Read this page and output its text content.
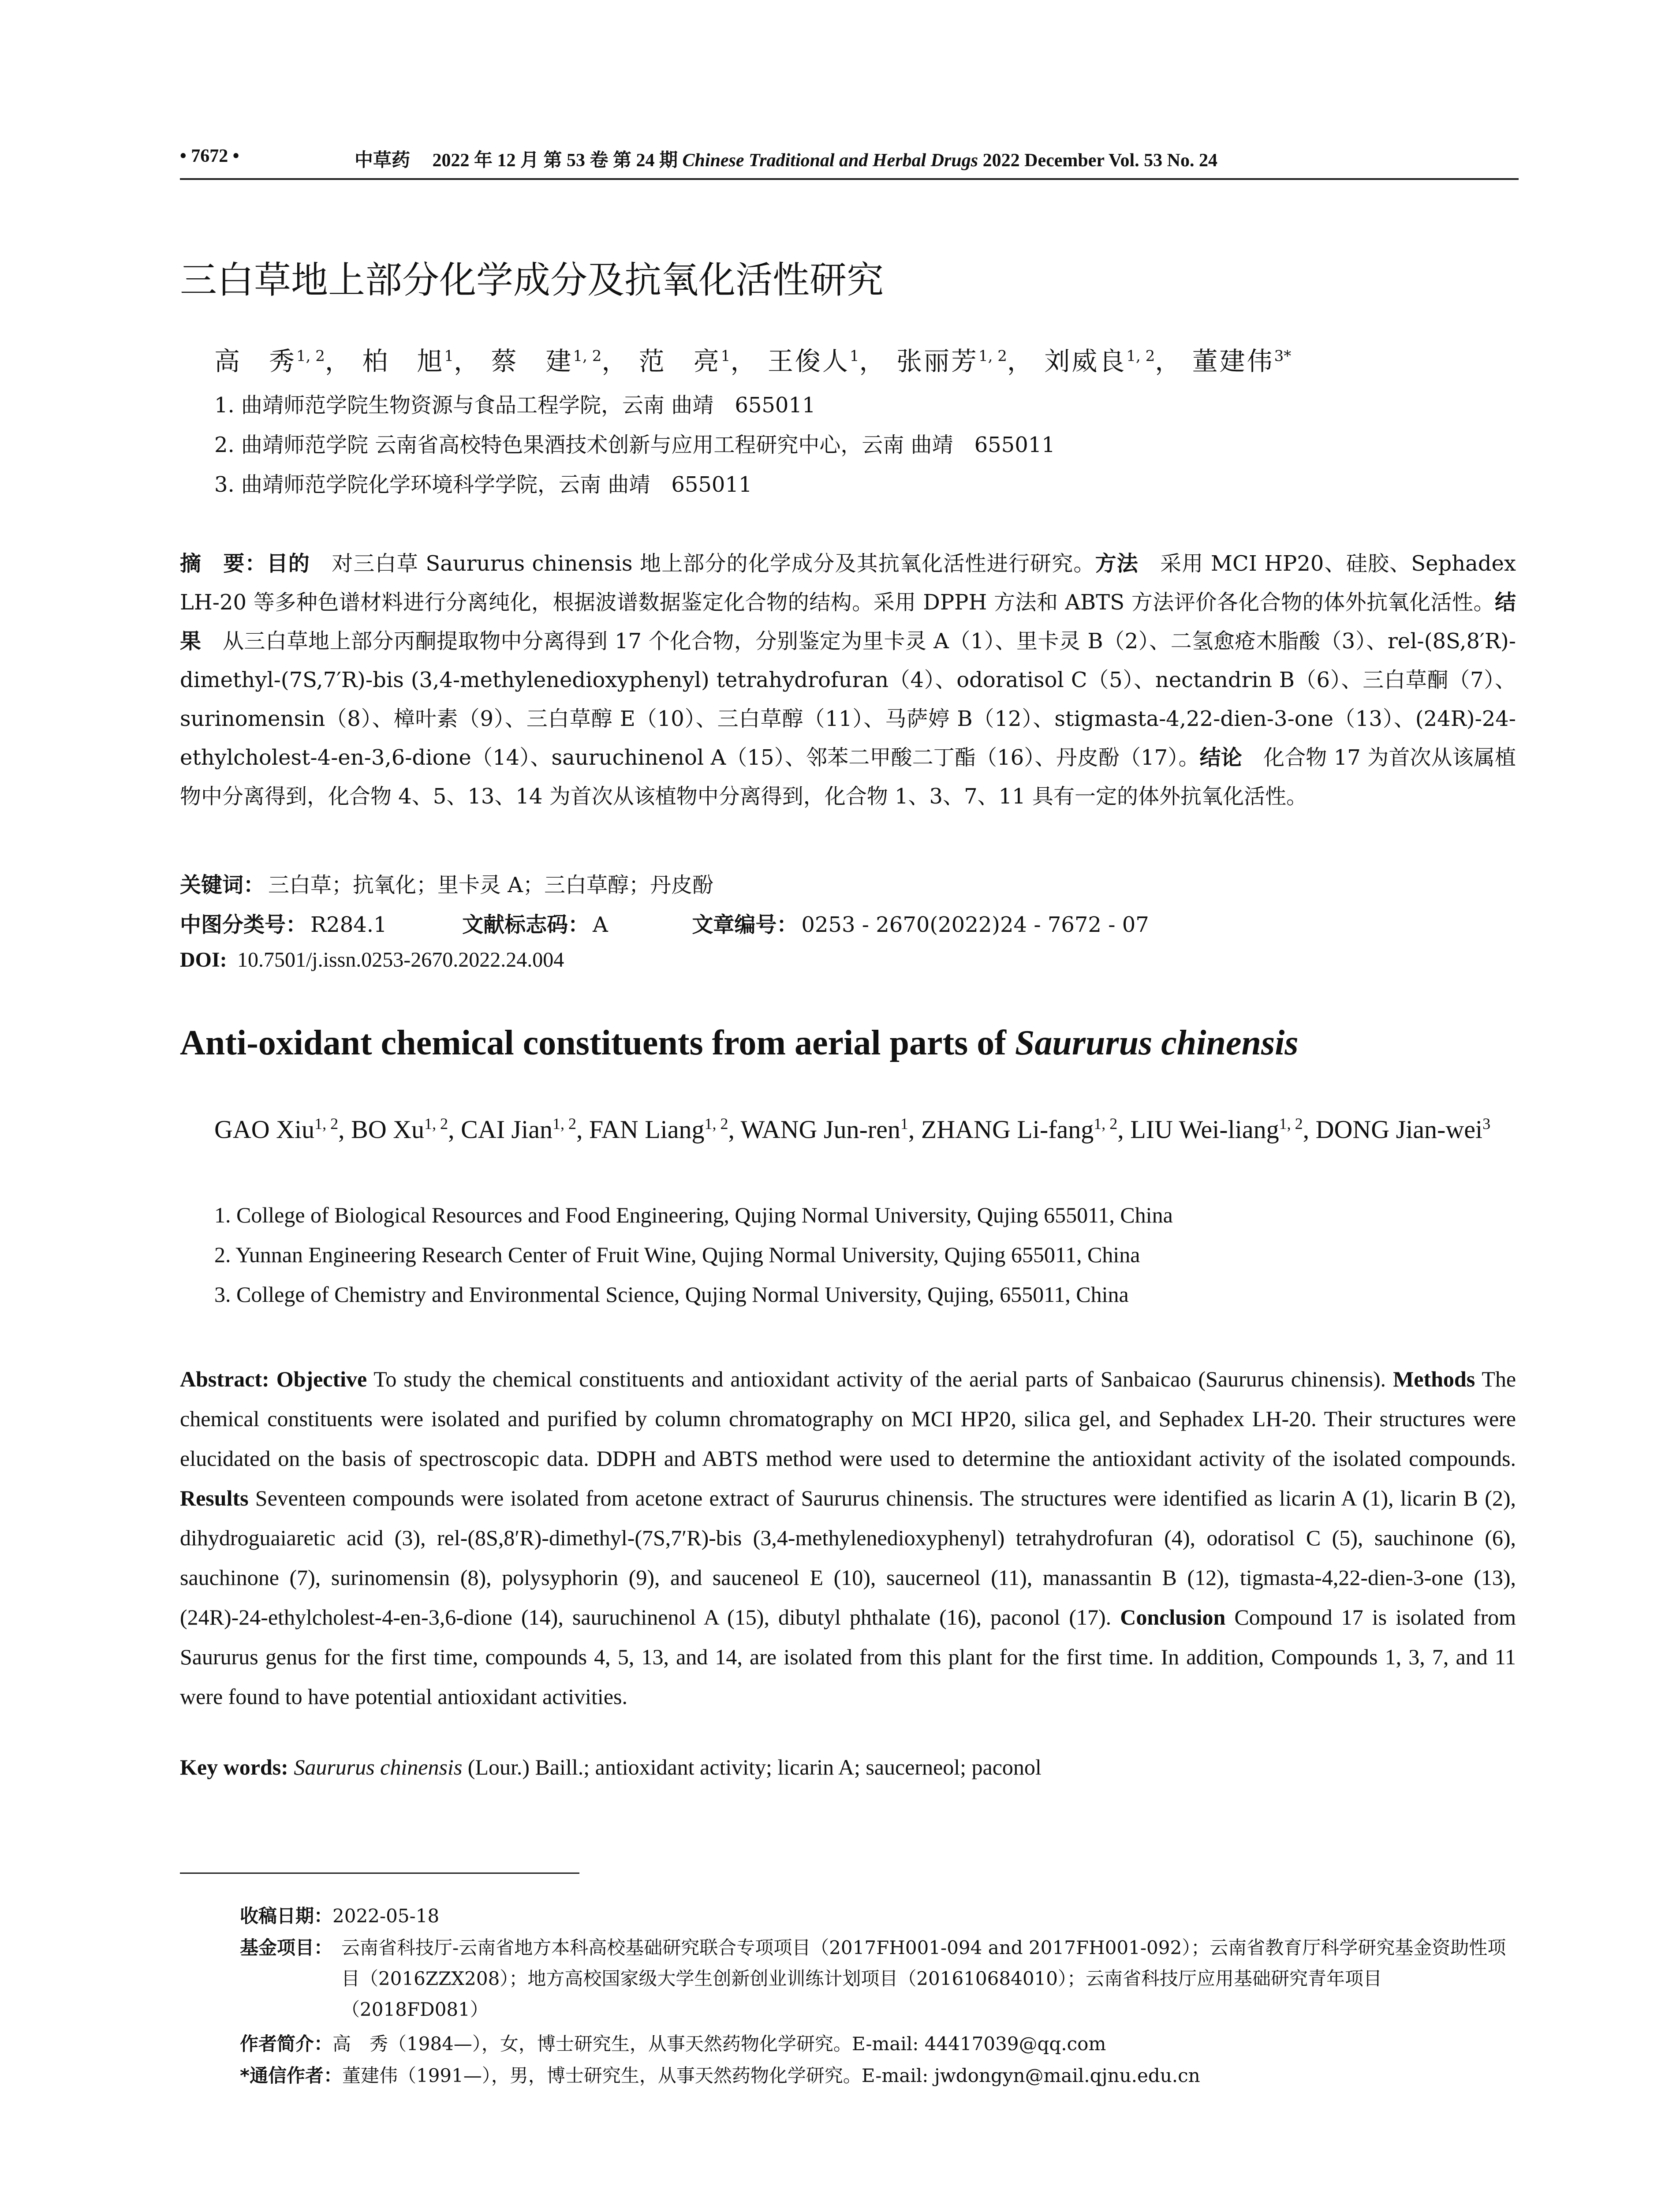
• 7672 •	中草药 2022 年 12 月 第 53 卷 第 24 期 Chinese Traditional and Herbal Drugs 2022 December Vol. 53 No. 24
三白草地上部分化学成分及抗氧化活性研究
高　秀$^{1, 2}$， 柏　旭$^1$， 蔡　建$^{1, 2}$， 范　亮$^1$， 王俊人$^1$， 张丽芳$^{1, 2}$， 刘威良$^{1, 2}$， 董建伟$^{3*}$
1. 曲靖师范学院生物资源与食品工程学院，云南 曲靖　655011
2. 曲靖师范学院 云南省高校特色果酒技术创新与应用工程研究中心，云南 曲靖　655011
3. 曲靖师范学院化学环境科学学院，云南 曲靖　655011
摘　要：目的　对三白草 Saururus chinensis 地上部分的化学成分及其抗氧化活性进行研究。方法　采用 MCI HP20、硅胶、Sephadex LH-20 等多种色谱材料进行分离纯化，根据波谱数据鉴定化合物的结构。采用 DPPH 方法和 ABTS 方法评价各化合物的体外抗氧化活性。结果　从三白草地上部分丙酮提取物中分离得到 17 个化合物，分别鉴定为里卡灵 A（1）、里卡灵 B（2）、二氢愈疮木脂酸（3）、rel-(8S,8′R)-dimethyl-(7S,7′R)-bis (3,4-methylenedioxyphenyl) tetrahydrofuran（4）、odoratisol C（5）、nectandrin B（6）、三白草酮（7）、surinomensin（8）、樟叶素（9）、三白草醇 E（10）、三白草醇（11）、马萨婷 B（12）、stigmasta-4,22-dien-3-one（13）、(24R)-24-ethylcholest-4-en-3,6-dione（14）、sauruchinenol A（15）、邻苯二甲酸二丁酯（16）、丹皮酚（17）。结论　化合物 17 为首次从该属植物中分离得到，化合物 4、5、13、14 为首次从该植物中分离得到，化合物 1、3、7、11 具有一定的体外抗氧化活性。
关键词： 三白草；抗氧化；里卡灵 A；三白草醇；丹皮酚
中图分类号： R284.1	文献标志码： A	文章编号： 0253 - 2670(2022)24 - 7672 - 07
DOI: 10.7501/j.issn.0253-2670.2022.24.004
Anti-oxidant chemical constituents from aerial parts of Saururus chinensis
GAO Xiu$^{1, 2}$, BO Xu$^{1, 2}$, CAI Jian$^{1, 2}$, FAN Liang$^{1, 2}$, WANG Jun-ren$^1$, ZHANG Li-fang$^{1, 2}$, LIU Wei-liang$^{1, 2}$, DONG Jian-wei$^3$
1. College of Biological Resources and Food Engineering, Qujing Normal University, Qujing 655011, China
2. Yunnan Engineering Research Center of Fruit Wine, Qujing Normal University, Qujing 655011, China
3. College of Chemistry and Environmental Science, Qujing Normal University, Qujing, 655011, China
Abstract: Objective To study the chemical constituents and antioxidant activity of the aerial parts of Sanbaicao (Saururus chinensis). Methods The chemical constituents were isolated and purified by column chromatography on MCI HP20, silica gel, and Sephadex LH-20. Their structures were elucidated on the basis of spectroscopic data. DDPH and ABTS method were used to determine the antioxidant activity of the isolated compounds. Results Seventeen compounds were isolated from acetone extract of Saururus chinensis. The structures were identified as licarin A (1), licarin B (2), dihydroguaiaretic acid (3), rel-(8S,8′R)-dimethyl-(7S,7′R)-bis (3,4-methylenedioxyphenyl) tetrahydrofuran (4), odoratisol C (5), sauchinone (6), sauchinone (7), surinomensin (8), polysyphorin (9), and sauceneol E (10), saucerneol (11), manassantin B (12), tigmasta-4,22-dien-3-one (13), (24R)-24-ethylcholest-4-en-3,6-dione (14), sauruchinenol A (15), dibutyl phthalate (16), paconol (17). Conclusion Compound 17 is isolated from Saururus genus for the first time, compounds 4, 5, 13, and 14, are isolated from this plant for the first time. In addition, Compounds 1, 3, 7, and 11 were found to have potential antioxidant activities.
Key words: Saururus chinensis (Lour.) Baill.; antioxidant activity; licarin A; saucerneol; paconol
收稿日期：2022-05-18
基金项目： 云南省科技厅-云南省地方本科高校基础研究联合专项项目（2017FH001-094 and 2017FH001-092）；云南省教育厅科学研究基金资助性项目（2016ZZX208）；地方高校国家级大学生创新创业训练计划项目（201610684010）；云南省科技厅应用基础研究青年项目（2018FD081）
作者简介：高　秀（1984—），女，博士研究生，从事天然药物化学研究。E-mail: 44417039@qq.com
*通信作者：董建伟（1991—），男，博士研究生，从事天然药物化学研究。E-mail: jwdongyn@mail.qjnu.edu.cn
